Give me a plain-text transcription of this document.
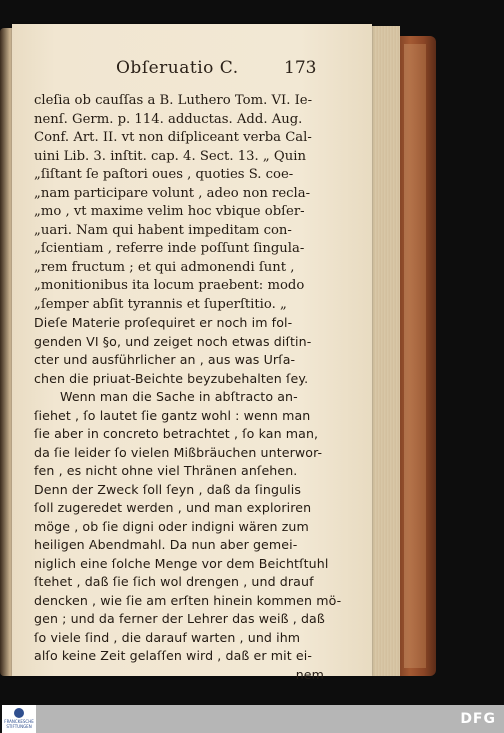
Obſeruatio C.	173
cleſia ob cauſſas a B. Luthero Tom. VI. Ie-
nenſ. Germ. p. 114. adductas. Add. Aug.
Conf. Art. II. vt non diſpliceant verba Cal-
uini Lib. 3. inſtit. cap. 4. Sect. 13. „ Quin
„ſiſtant ſe paſtori oues , quoties S. coe-
„nam participare volunt , adeo non recla-
„mo , vt maxime velim hoc vbique obſer-
„uari. Nam qui habent impeditam con-
„ſcientiam , referre inde poſſunt ſingula-
„rem fructum ; et qui admonendi ſunt ,
„monitionibus ita locum praebent: modo
„ſemper abſit tyrannis et ſuperſtitio. „
Dieſe Materie proſequiret er noch im fol-
genden VI §o, und zeiget noch etwas diſtin-
cter und ausführlicher an , aus was Urſa-
chen die priuat-Beichte beyzubehalten ſey.
Wenn man die Sache in abſtracto an-
ſiehet , ſo lautet ſie gantz wohl : wenn man
ſie aber in concreto betrachtet , ſo kan man,
da ſie leider ſo vielen Mißbräuchen unterwor-
fen , es nicht ohne viel Thränen anſehen.
Denn der Zweck ſoll ſeyn , daß da ſingulis
ſoll zugeredet werden , und man exploriren
möge , ob ſie digni oder indigni wären zum
heiligen Abendmahl. Da nun aber gemei-
niglich eine ſolche Menge vor dem Beichtſtuhl
ſtehet , daß ſie ſich wol drengen , und drauf
dencken , wie ſie am erſten hinein kommen mö-
gen ; und da ferner der Lehrer das weiß , daß
ſo viele ſind , die darauf warten , und ihm
alſo keine Zeit gelaſſen wird , daß er mit ei-
nem
FRANCKESCHE STIFTUNGEN	DFG
